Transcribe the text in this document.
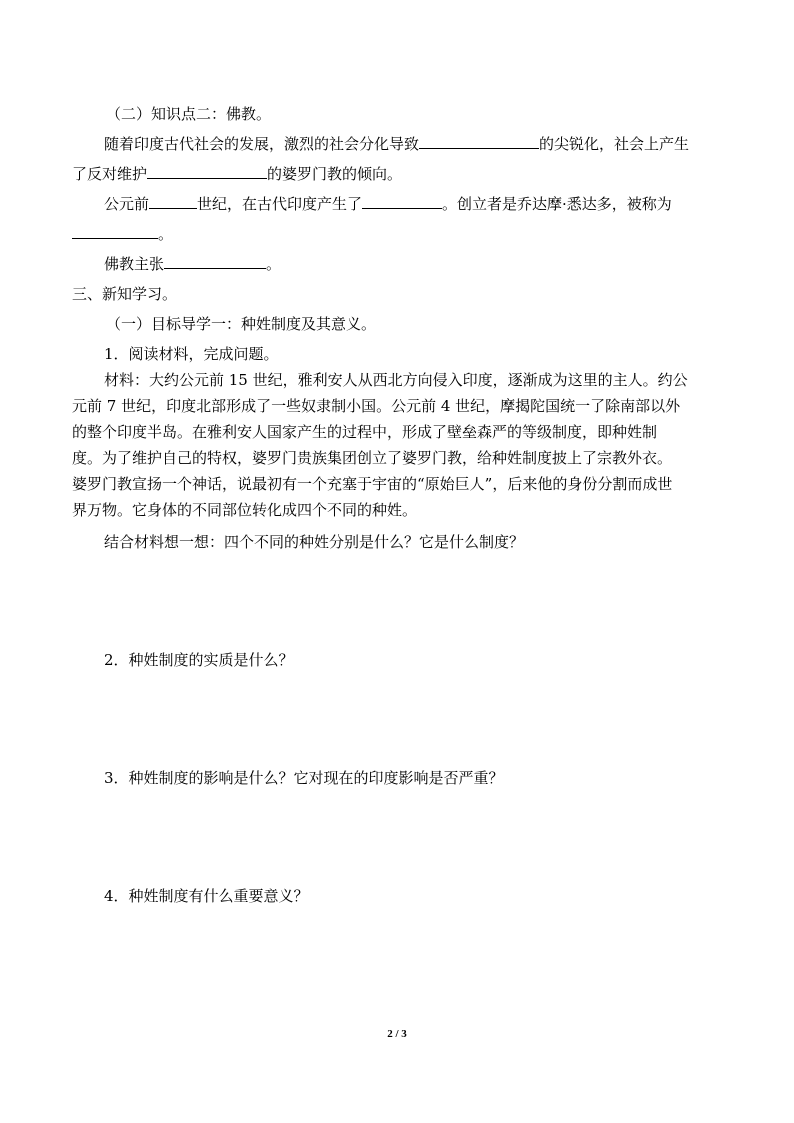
（二）知识点二：佛教。
随着印度古代社会的发展，激烈的社会分化导致	的尖锐化，社会上产生
了反对维护	的婆罗门教的倾向。
公元前	世纪，在古代印度产生了	。创立者是乔达摩·悉达多，被称为
。
佛教主张	。
三、新知学习。
（一）目标导学一：种姓制度及其意义。
1．阅读材料，完成问题。
材料：大约公元前 15 世纪，雅利安人从西北方向侵入印度，逐渐成为这里的主人。约公
元前 7 世纪，印度北部形成了一些奴隶制小国。公元前 4 世纪，摩揭陀国统一了除南部以外
的整个印度半岛。在雅利安人国家产生的过程中，形成了壁垒森严的等级制度，即种姓制
度。为了维护自己的特权，婆罗门贵族集团创立了婆罗门教，给种姓制度披上了宗教外衣。
婆罗门教宣扬一个神话，说最初有一个充塞于宇宙的“原始巨人”，后来他的身份分割而成世
界万物。它身体的不同部位转化成四个不同的种姓。
结合材料想一想：四个不同的种姓分别是什么？它是什么制度？
2．种姓制度的实质是什么？
3．种姓制度的影响是什么？它对现在的印度影响是否严重？
4．种姓制度有什么重要意义？
2 / 3
